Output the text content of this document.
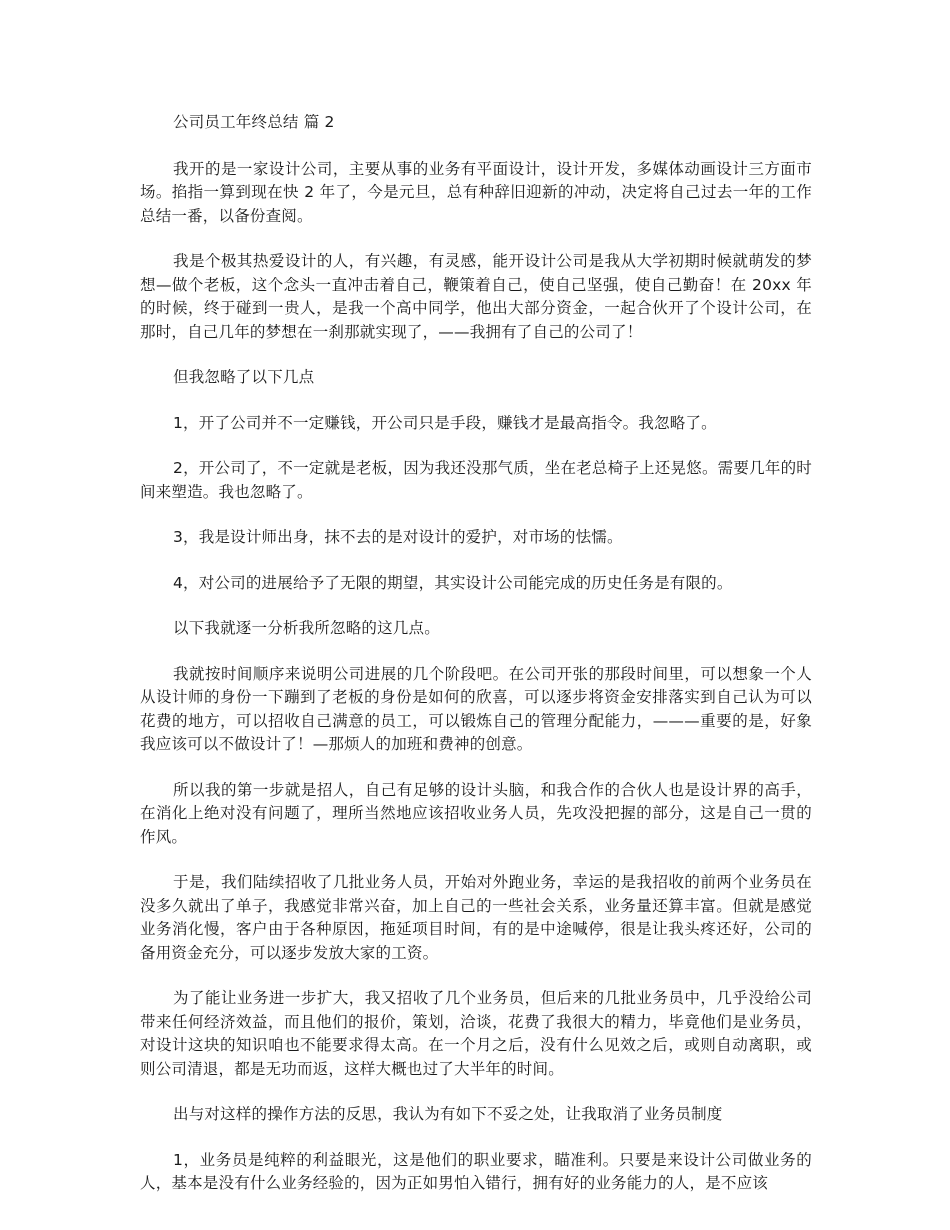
公司员工年终总结 篇 2

我开的是一家设计公司，主要从事的业务有平面设计，设计开发，多媒体动画设计三方面市场。掐指一算到现在快 2 年了，今是元旦，总有种辞旧迎新的冲动，决定将自己过去一年的工作总结一番，以备份查阅。

我是个极其热爱设计的人，有兴趣，有灵感，能开设计公司是我从大学初期时候就萌发的梦想—做个老板，这个念头一直冲击着自己，鞭策着自己，使自己坚强，使自己勤奋！在 20xx 年的时候，终于碰到一贵人，是我一个高中同学，他出大部分资金，一起合伙开了个设计公司，在那时，自己几年的梦想在一刹那就实现了，——我拥有了自己的公司了！

但我忽略了以下几点

1，开了公司并不一定赚钱，开公司只是手段，赚钱才是最高指令。我忽略了。

2，开公司了，不一定就是老板，因为我还没那气质，坐在老总椅子上还晃悠。需要几年的时间来塑造。我也忽略了。

3，我是设计师出身，抹不去的是对设计的爱护，对市场的怯懦。

4，对公司的进展给予了无限的期望，其实设计公司能完成的历史任务是有限的。

以下我就逐一分析我所忽略的这几点。

我就按时间顺序来说明公司进展的几个阶段吧。在公司开张的那段时间里，可以想象一个人从设计师的身份一下蹦到了老板的身份是如何的欣喜，可以逐步将资金安排落实到自己认为可以花费的地方，可以招收自己满意的员工，可以锻炼自己的管理分配能力，———重要的是，好象我应该可以不做设计了！—那烦人的加班和费神的创意。

所以我的第一步就是招人，自己有足够的设计头脑，和我合作的合伙人也是设计界的高手，在消化上绝对没有问题了，理所当然地应该招收业务人员，先攻没把握的部分，这是自己一贯的作风。

于是，我们陆续招收了几批业务人员，开始对外跑业务，幸运的是我招收的前两个业务员在没多久就出了单子，我感觉非常兴奋，加上自己的一些社会关系，业务量还算丰富。但就是感觉业务消化慢，客户由于各种原因，拖延项目时间，有的是中途喊停，很是让我头疼还好，公司的备用资金充分，可以逐步发放大家的工资。

为了能让业务进一步扩大，我又招收了几个业务员，但后来的几批业务员中，几乎没给公司带来任何经济效益，而且他们的报价，策划，洽谈，花费了我很大的精力，毕竟他们是业务员，对设计这块的知识咱也不能要求得太高。在一个月之后，没有什么见效之后，或则自动离职，或则公司清退，都是无功而返，这样大概也过了大半年的时间。

出与对这样的操作方法的反思，我认为有如下不妥之处，让我取消了业务员制度

1，业务员是纯粹的利益眼光，这是他们的职业要求，瞄准利。只要是来设计公司做业务的人，基本是没有什么业务经验的，因为正如男怕入错行，拥有好的业务能力的人，是不应该
